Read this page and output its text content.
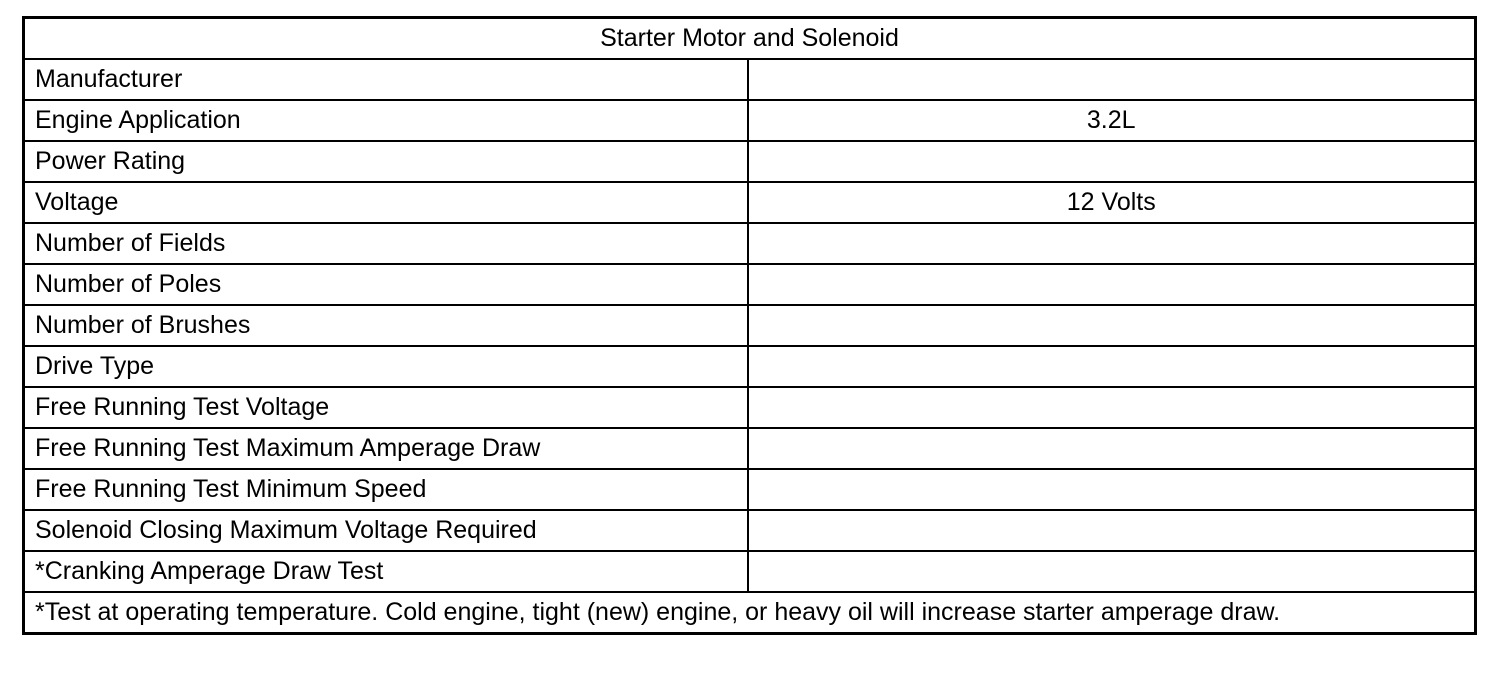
Starter Motor and Solenoid	
Manufacturer	
Engine Application	3.2L
Power Rating	
Voltage	12 Volts
Number of Fields	
Number of Poles	
Number of Brushes	
Drive Type	
Free Running Test Voltage	
Free Running Test Maximum Amperage Draw	
Free Running Test Minimum Speed	
Solenoid Closing Maximum Voltage Required	
*Cranking Amperage Draw Test	
*Test at operating temperature. Cold engine, tight (new) engine, or heavy oil will increase starter amperage draw.	
